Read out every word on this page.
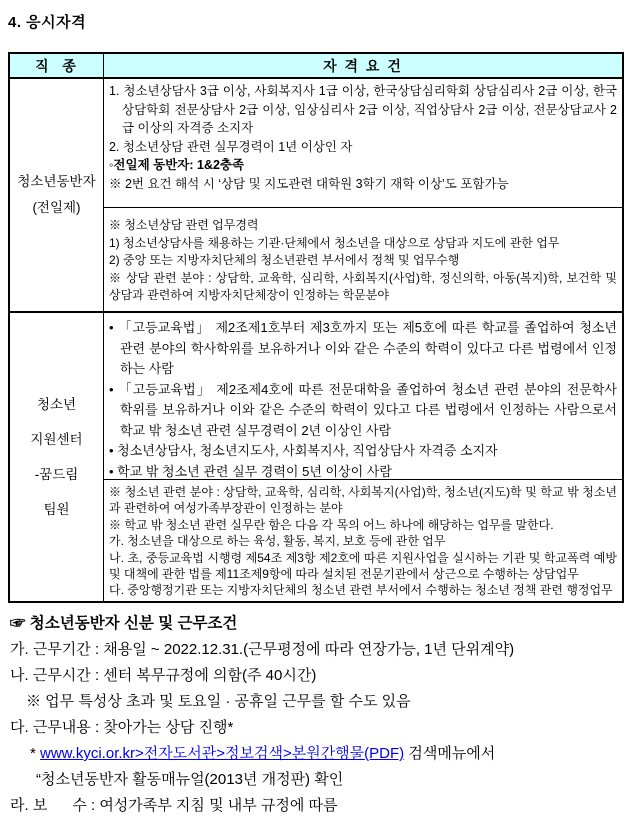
4. 응시자격
직  종	자 격 요 건
청소년동반자
(전일제)

1. 청소년상담사 3급 이상, 사회복지사 1급 이상, 한국상담심리학회 상담심리사 2급 이상, 한국상담학회 전문상담사 2급 이상, 임상심리사 2급 이상, 직업상담사 2급 이상, 전문상담교사 2급 이상의 자격증 소지자

2. 청소년상담 관련 실무경력이 1년 이상인 자

◦전일제 동반자: 1&2충족

※ 2번 요건 해석 시 ‘상담 및 지도관련 대학원 3학기 재학 이상’도 포함가능

※ 청소년상담 관련 업무경력

1) 청소년상담사를 채용하는 기관·단체에서 청소년을 대상으로 상담과 지도에 관한 업무

2) 중앙 또는 지방자치단체의 청소년관련 부서에서 정책 및 업무수행

※ 상담 관련 분야 : 상담학, 교육학, 심리학, 사회복지(사업)학, 정신의학, 아동(복지)학, 보건학 및 상담과 관련하여 지방자치단체장이 인정하는 학문분야

청소년
지원센터
-꿈드림
팀원

• 「고등교육법」 제2조제1호부터 제3호까지 또는 제5호에 따른 학교를 졸업하여 청소년 관련 분야의 학사학위를 보유하거나 이와 같은 수준의 학력이 있다고 다른 법령에서 인정하는 사람

• 「고등교육법」 제2조제4호에 따른 전문대학을 졸업하여 청소년 관련 분야의 전문학사 학위를 보유하거나 이와 같은 수준의 학력이 있다고 다른 법령에서 인정하는 사람으로서 학교 밖 청소년 관련 실무경력이 2년 이상인 사람

• 청소년상담사, 청소년지도사, 사회복지사, 직업상담사 자격증 소지자

• 학교 밖 청소년 관련 실무 경력이 5년 이상이 사람

※ 청소년 관련 분야 : 상담학, 교육학, 심리학, 사회복지(사업)학, 청소년(지도)학 및 학교 밖 청소년과 관련하여 여성가족부장관이 인정하는 분야

※ 학교 밖 청소년 관련 실무란 함은 다음 각 목의 어느 하나에 해당하는 업무를 말한다.

가. 청소년을 대상으로 하는 육성, 활동, 복지, 보호 등에 관한 업무

나. 초, 중등교육법 시행령 제54조 제3항 제2호에 따른 지원사업을 실시하는 기관 및 학교폭력 예방 및 대책에 관한 법를 제11조제9항에 따라 설치된 전문기관에서 상근으로 수행하는 상담업무

다. 중앙행정기관 또는 지방자치단체의 청소년 관련 부서에서 수행하는 청소년 정책 관련 행정업무

☞ 청소년동반자 신분 및 근무조건

가. 근무기간 : 채용일 ~ 2022.12.31.(근무평정에 따라 연장가능, 1년 단위계약)

나. 근무시간 : 센터 복무규정에 의함(주 40시간)

※ 업무 특성상 초과 및 토요일 · 공휴일 근무를 할 수도 있음

다. 근무내용 : 찾아가는 상담 진행*

* www.kyci.or.kr>전자도서관>정보검색>본원간행물(PDF) 검색메뉴에서

“청소년동반자 활동매뉴얼(2013년 개정판) 확인

라. 보      수 : 여성가족부 지침 및 내부 규정에 따름
